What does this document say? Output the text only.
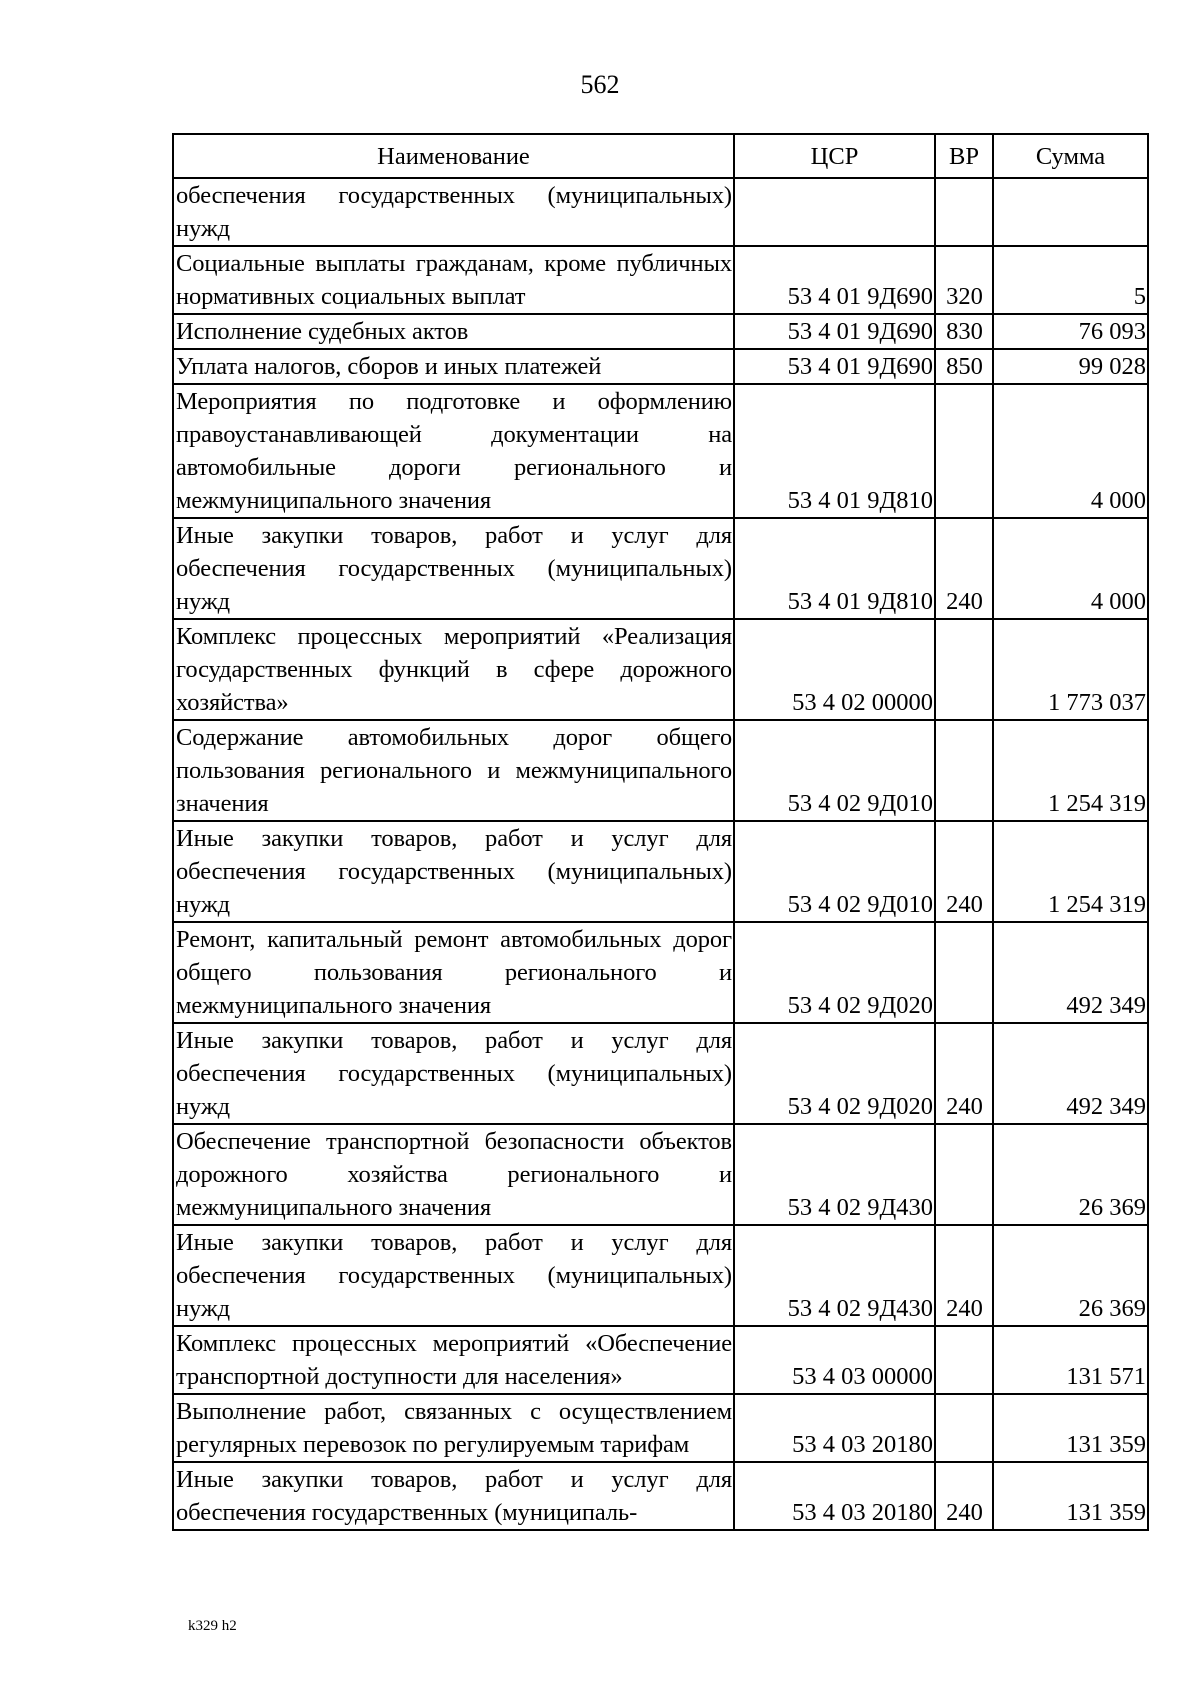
562
Наименование	ЦСР	ВР	Сумма
обеспечения государственных (муниципальных) нужд			
Социальные выплаты гражданам, кроме публичных нормативных социальных выплат	53 4 01 9Д690	320	5
Исполнение судебных актов	53 4 01 9Д690	830	76 093
Уплата налогов, сборов и иных платежей	53 4 01 9Д690	850	99 028
Мероприятия по подготовке и оформлению правоустанавливающей документации на автомобильные дороги регионального и межмуниципального значения	53 4 01 9Д810		4 000
Иные закупки товаров, работ и услуг для обеспечения государственных (муниципальных) нужд	53 4 01 9Д810	240	4 000
Комплекс процессных мероприятий «Реализация государственных функций в сфере дорожного хозяйства»	53 4 02 00000		1 773 037
Содержание автомобильных дорог общего пользования регионального и межмуниципального значения	53 4 02 9Д010		1 254 319
Иные закупки товаров, работ и услуг для обеспечения государственных (муниципальных) нужд	53 4 02 9Д010	240	1 254 319
Ремонт, капитальный ремонт автомобильных дорог общего пользования регионального и межмуниципального значения	53 4 02 9Д020		492 349
Иные закупки товаров, работ и услуг для обеспечения государственных (муниципальных) нужд	53 4 02 9Д020	240	492 349
Обеспечение транспортной безопасности объектов дорожного хозяйства регионального и межмуниципального значения	53 4 02 9Д430		26 369
Иные закупки товаров, работ и услуг для обеспечения государственных (муниципальных) нужд	53 4 02 9Д430	240	26 369
Комплекс процессных мероприятий «Обеспечение транспортной доступности для населения»	53 4 03 00000		131 571
Выполнение работ, связанных с осуществлением регулярных перевозок по регулируемым тарифам	53 4 03 20180		131 359
Иные закупки товаров, работ и услуг для обеспечения государственных (муниципаль-	53 4 03 20180	240	131 359
k329 h2
